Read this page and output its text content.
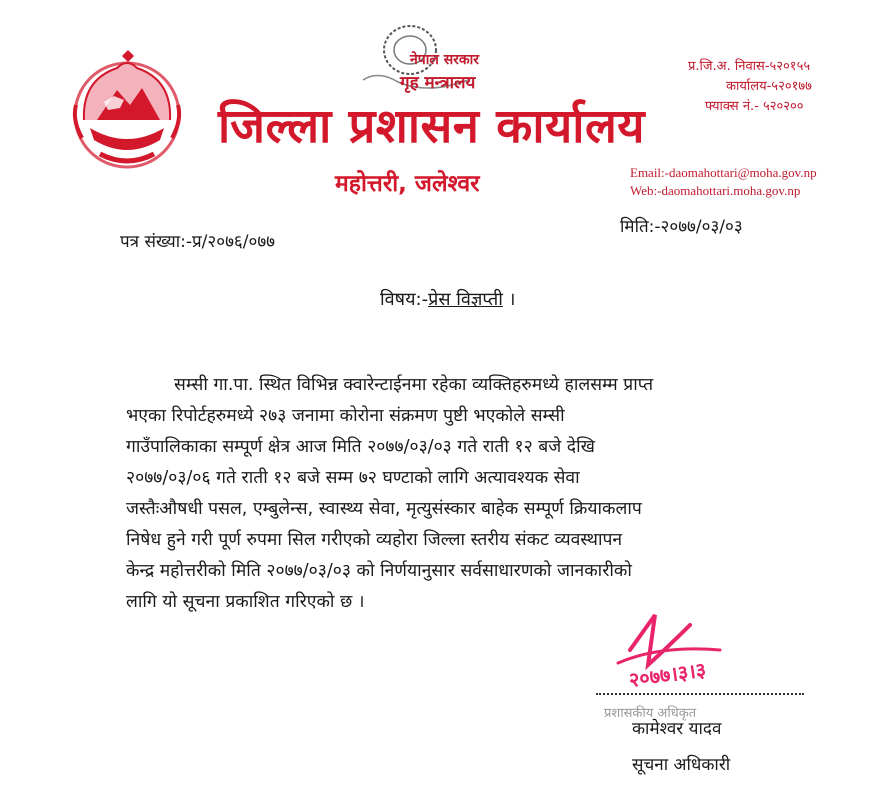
नेपाल सरकार
गृह मन्त्रालय
जिल्ला प्रशासन कार्यालय
महोत्तरी, जलेश्वर
प्र.जि.अ. निवास-५२०१५५
कार्यालय-५२०१७७
फ्याक्स नं.- ५२०२००
Email:-daomahottari@moha.gov.np
Web:-daomahottari.moha.gov.np
पत्र संख्या:-प्र/२०७६/०७७
मिति:-२०७७/०३/०३
विषय:-प्रेस विज्ञप्ती ।
सम्सी गा.पा. स्थित विभिन्न क्वारेन्टाईनमा रहेका व्यक्तिहरुमध्ये हालसम्म प्राप्त
भएका रिपोर्टहरुमध्ये २७३ जनामा कोरोना संक्रमण पुष्टी भएकोले सम्सी
गाउँपालिकाका सम्पूर्ण क्षेत्र आज मिति २०७७/०३/०३ गते राती १२ बजे देखि
२०७७/०३/०६ गते राती १२ बजे सम्म ७२ घण्टाको लागि अत्यावश्यक सेवा
जस्तैःऔषधी पसल, एम्बुलेन्स, स्वास्थ्य सेवा, मृत्युसंस्कार बाहेक सम्पूर्ण क्रियाकलाप
निषेध हुने गरी पूर्ण रुपमा सिल गरीएको व्यहोरा जिल्ला स्तरीय संकट व्यवस्थापन
केन्द्र महोत्तरीको मिति २०७७/०३/०३ को निर्णयानुसार सर्वसाधारणको जानकारीको
लागि यो सूचना प्रकाशित गरिएको छ ।
२०७७।३।३
प्रशासकीय अधिकृत
कामेश्वर यादव
सूचना अधिकारी
